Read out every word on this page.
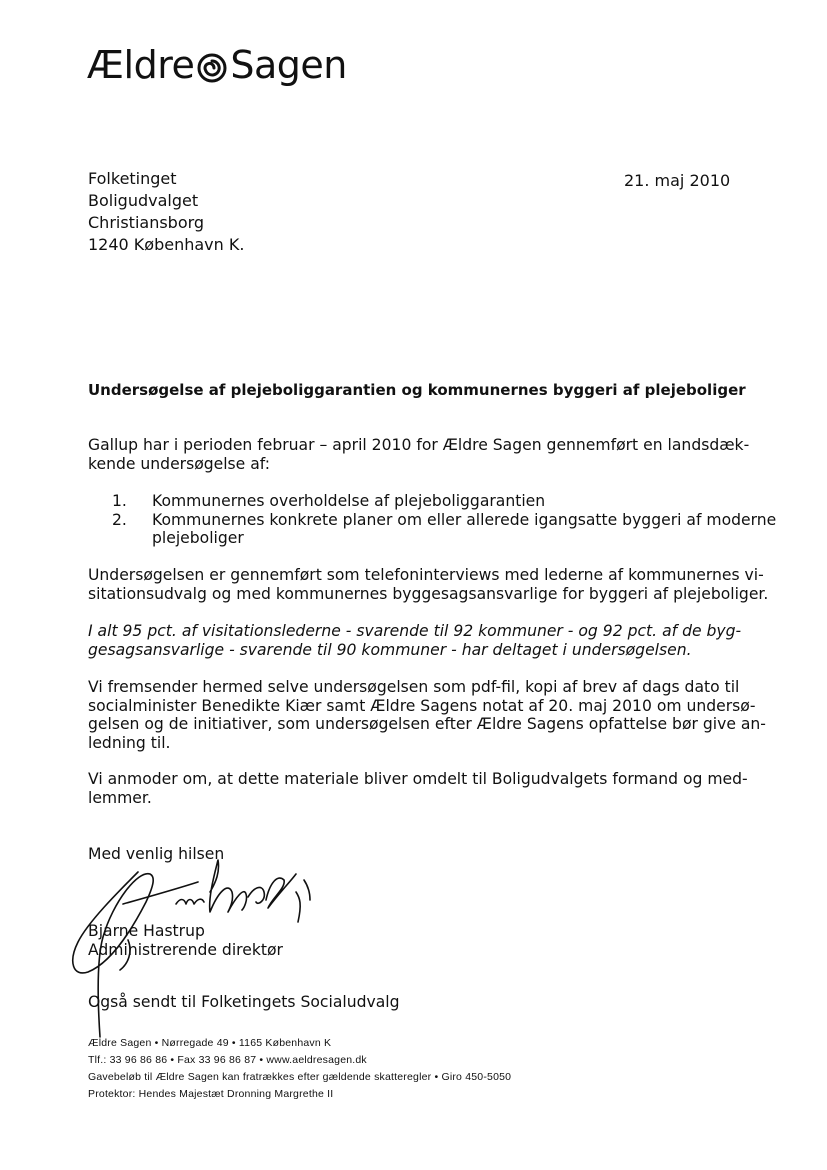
Ældre Sagen
Folketinget
Boligudvalget
Christiansborg
1240 København K.
21. maj 2010
Undersøgelse af plejeboliggarantien og kommunernes byggeri af plejeboliger
Gallup har i perioden februar – april 2010 for Ældre Sagen gennemført en landsdæk-
kende undersøgelse af:
1.	Kommunernes overholdelse af plejeboliggarantien
2.	Kommunernes konkrete planer om eller allerede igangsatte byggeri af moderne
plejeboliger
Undersøgelsen er gennemført som telefoninterviews med lederne af kommunernes vi-
sitationsudvalg og med kommunernes byggesagsansvarlige for byggeri af plejeboliger.
I alt 95 pct. af visitationslederne - svarende til 92 kommuner - og 92 pct. af de byg-
gesagsansvarlige - svarende til 90 kommuner - har deltaget i undersøgelsen.
Vi fremsender hermed selve undersøgelsen som pdf-fil, kopi af brev af dags dato til
socialminister Benedikte Kiær samt Ældre Sagens notat af 20. maj 2010 om undersø-
gelsen og de initiativer, som undersøgelsen efter Ældre Sagens opfattelse bør give an-
ledning til.
Vi anmoder om, at dette materiale bliver omdelt til Boligudvalgets formand og med-
lemmer.
Med venlig hilsen
Bjarne Hastrup
Administrerende direktør
Også sendt til Folketingets Socialudvalg
Ældre Sagen • Nørregade 49 • 1165 København K
Tlf.: 33 96 86 86 • Fax 33 96 86 87 • www.aeldresagen.dk
Gavebeløb til Ældre Sagen kan fratrækkes efter gældende skatteregler • Giro 450-5050
Protektor: Hendes Majestæt Dronning Margrethe II
